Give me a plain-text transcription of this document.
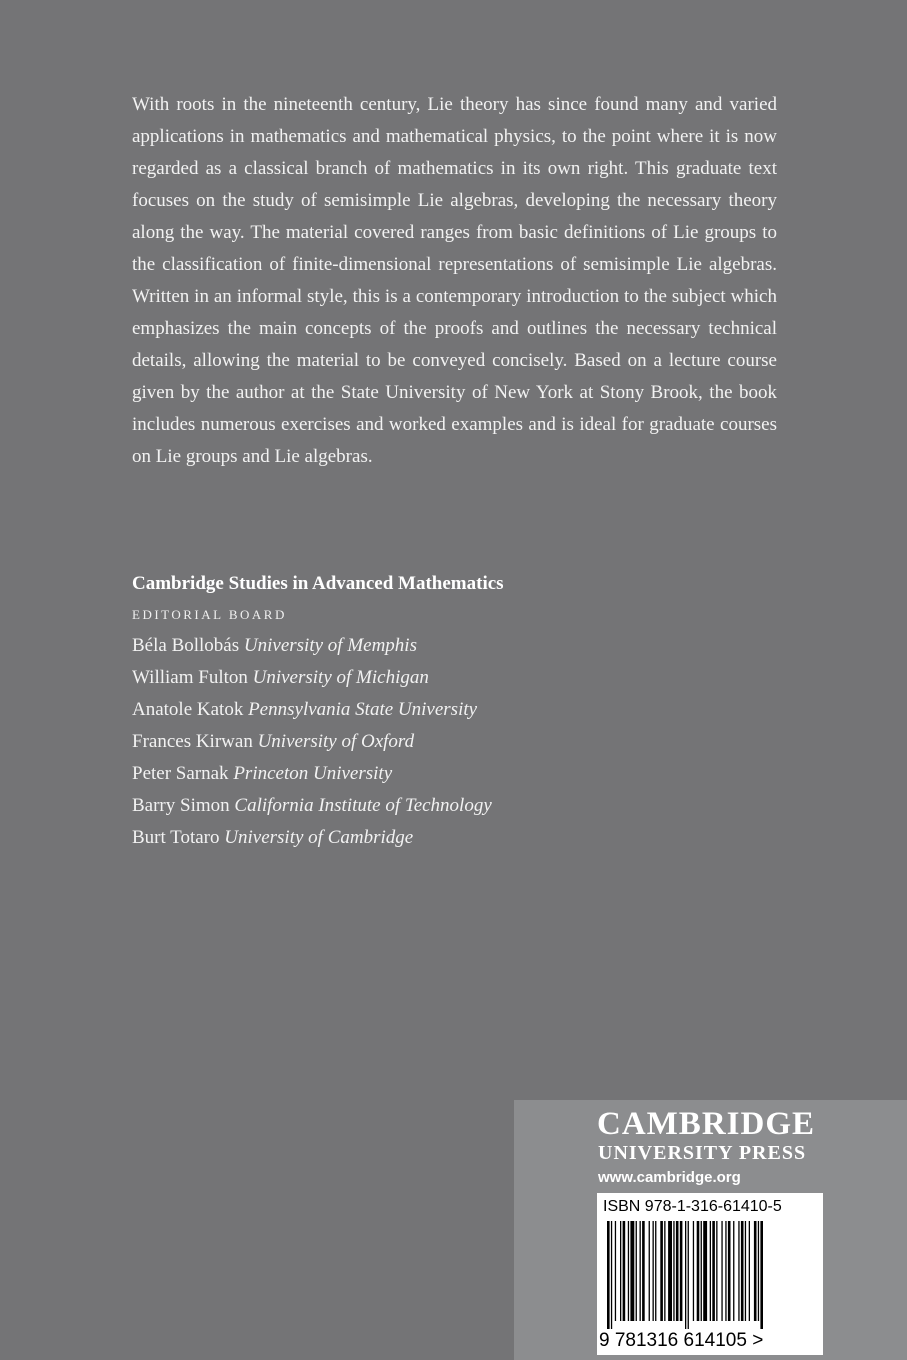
With roots in the nineteenth century, Lie theory has since found many and varied applications in mathematics and mathematical physics, to the point where it is now regarded as a classical branch of mathematics in its own right. This graduate text focuses on the study of semisimple Lie algebras, developing the necessary theory along the way. The material covered ranges from basic definitions of Lie groups to the classification of finite-dimensional representations of semisimple Lie algebras. Written in an informal style, this is a contemporary introduction to the subject which emphasizes the main concepts of the proofs and outlines the necessary technical details, allowing the material to be conveyed concisely. Based on a lecture course given by the author at the State University of New York at Stony Brook, the book includes numerous exercises and worked examples and is ideal for graduate courses on Lie groups and Lie algebras.

Cambridge Studies in Advanced Mathematics

EDITORIAL BOARD

Béla Bollobás University of Memphis
William Fulton University of Michigan
Anatole Katok Pennsylvania State University
Frances Kirwan University of Oxford
Peter Sarnak Princeton University
Barry Simon California Institute of Technology
Burt Totaro University of Cambridge
CAMBRIDGE
UNIVERSITY PRESS
www.cambridge.org
ISBN 978-1-316-61410-5
9 781316 614105 >
